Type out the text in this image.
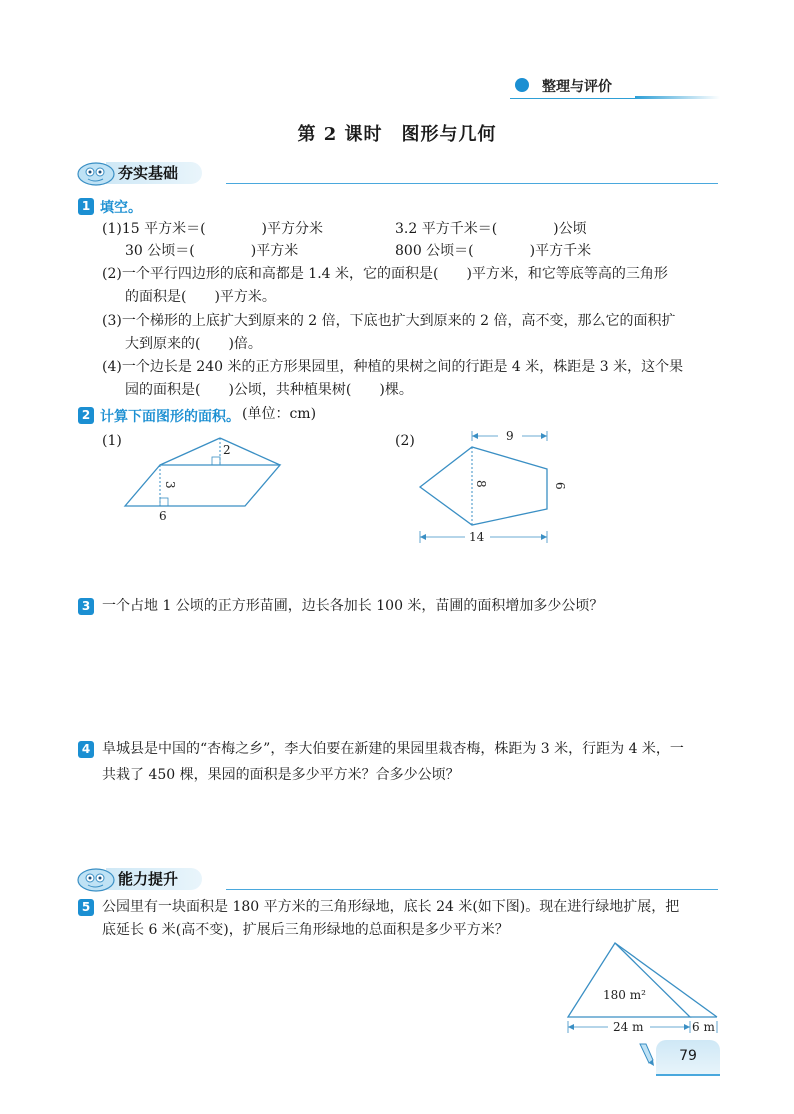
整理与评价
第 2 课时　图形与几何
夯实基础
1 填空。
(1)15 平方米＝(　　　　)平方分米	3.2 平方千米＝(　　　　)公顷
30 公顷＝(　　　　)平方米	800 公顷＝(　　　　)平方千米
(2)一个平行四边形的底和高都是 1.4 米，它的面积是(　　)平方米，和它等底等高的三角形
的面积是(　　)平方米。
(3)一个梯形的上底扩大到原来的 2 倍，下底也扩大到原来的 2 倍，高不变，那么它的面积扩
大到原来的(　　)倍。
(4)一个边长是 240 米的正方形果园里，种植的果树之间的行距是 4 米，株距是 3 米，这个果
园的面积是(　　)公顷，共种植果树(　　)棵。
2 计算下面图形的面积。 (单位：cm)
(1)
2
3
6
(2)	9
8	6
14
3 一个占地 1 公顷的正方形苗圃，边长各加长 100 米，苗圃的面积增加多少公顷？
4 阜城县是中国的“杏梅之乡”，李大伯要在新建的果园里栽杏梅，株距为 3 米，行距为 4 米，一
共栽了 450 棵，果园的面积是多少平方米？合多少公顷？
能力提升
5 公园里有一块面积是 180 平方米的三角形绿地，底长 24 米(如下图)。现在进行绿地扩展，把
底延长 6 米(高不变)，扩展后三角形绿地的总面积是多少平方米？
180 m²
24 m	6 m
79
